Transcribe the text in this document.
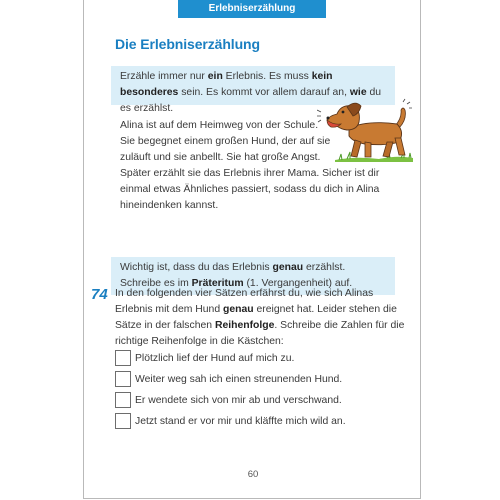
Erlebniserzählung
Die Erlebniserzählung
Erzähle immer nur ein Erlebnis. Es muss kein besonderes sein. Es kommt vor allem darauf an, wie du es erzählst.
Alina ist auf dem Heimweg von der Schule.
Sie begegnet einem großen Hund, der auf sie
zuläuft und sie anbellt. Sie hat große Angst.
Später erzählt sie das Erlebnis ihrer Mama. Sicher ist dir
einmal etwas Ähnliches passiert, sodass du dich in Alina
hineindenken kannst.
Wichtig ist, dass du das Erlebnis genau erzählst.
Schreibe es im Präteritum (1. Vergangenheit) auf.
74 In den folgenden vier Sätzen erfährst du, wie sich Alinas Erlebnis mit dem Hund genau ereignet hat. Leider stehen die Sätze in der falschen Reihenfolge. Schreibe die Zahlen für die richtige Reihenfolge in die Kästchen:
Plötzlich lief der Hund auf mich zu.
Weiter weg sah ich einen streunenden Hund.
Er wendete sich von mir ab und verschwand.
Jetzt stand er vor mir und kläffte mich wild an.
60
